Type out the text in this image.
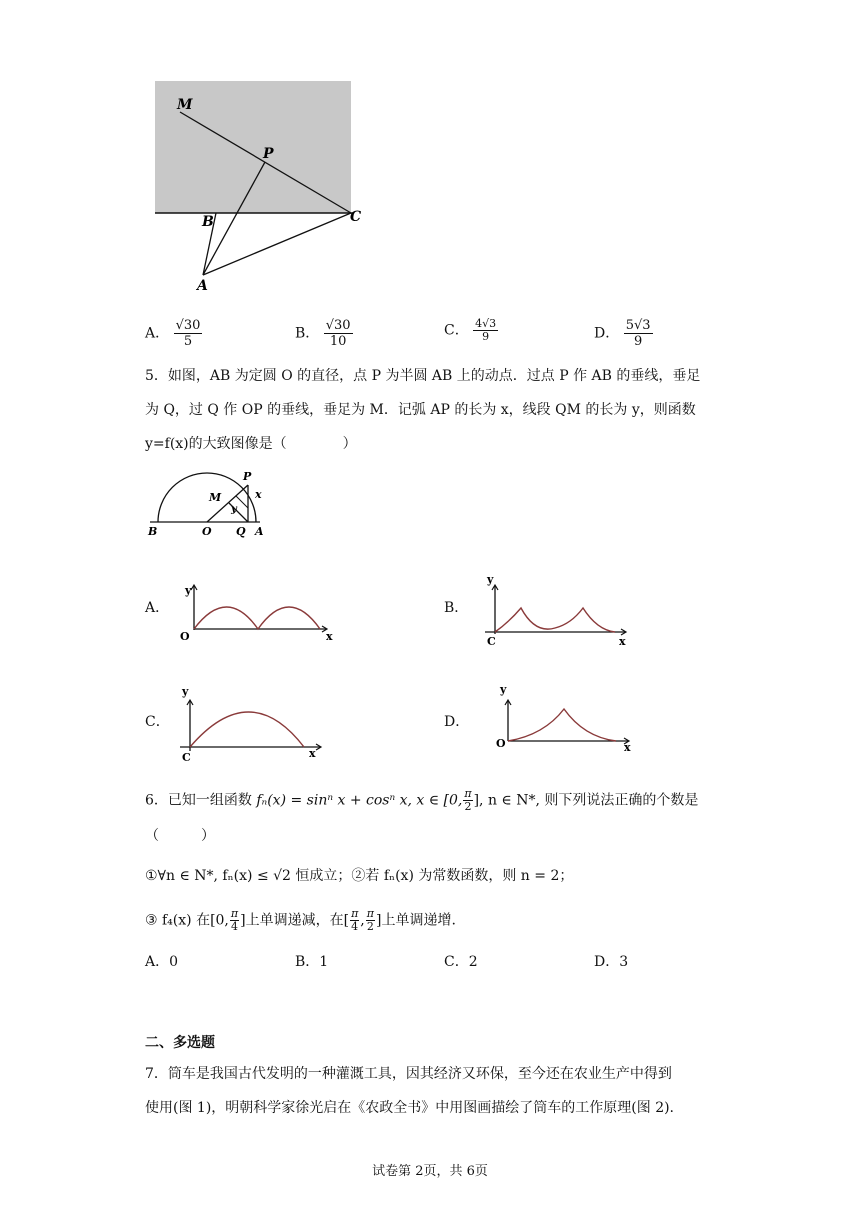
M
P
C
B
A
A． $\frac{√30}{5}$	B． $\frac{√30}{10}$	C． $\frac{4√3}{9}$	D． $\frac{5√3}{9}$
5．如图，AB 为定圆 O 的直径，点 P 为半圆 AB 上的动点．过点 P 作 AB 的垂线，垂足
为 Q，过 Q 作 OP 的垂线，垂足为 M．记弧 AP 的长为 x，线段 QM 的长为 y，则函数
y=f(x)的大致图像是（　　　　）
P
M	x
y
B	O Q A
A．
y
O	x
B．
y
C	x
C．
y
C	x
D．
y
O	x
6．已知一组函数 fₙ(x) = sinⁿ x + cosⁿ x, x ∈ [0, $\frac{\pi}{2}$ ], n ∈ N*, 则下列说法正确的个数是
（　　　）
①∀n ∈ N*, fₙ(x) ≤ √2 恒成立；②若 fₙ(x) 为常数函数，则 n = 2；
③ f₄(x) 在[0, $\frac{\pi}{4}$ ]上单调递减，在[ $\frac{\pi}{4}$ , $\frac{\pi}{2}$ ]上单调递增.
A．0	B．1	C．2	D．3
二、多选题
7．筒车是我国古代发明的一种灌溉工具，因其经济又环保，至今还在农业生产中得到
使用(图 1)，明朝科学家徐光启在《农政全书》中用图画描绘了筒车的工作原理(图 2).
试卷第 2页，共 6页
